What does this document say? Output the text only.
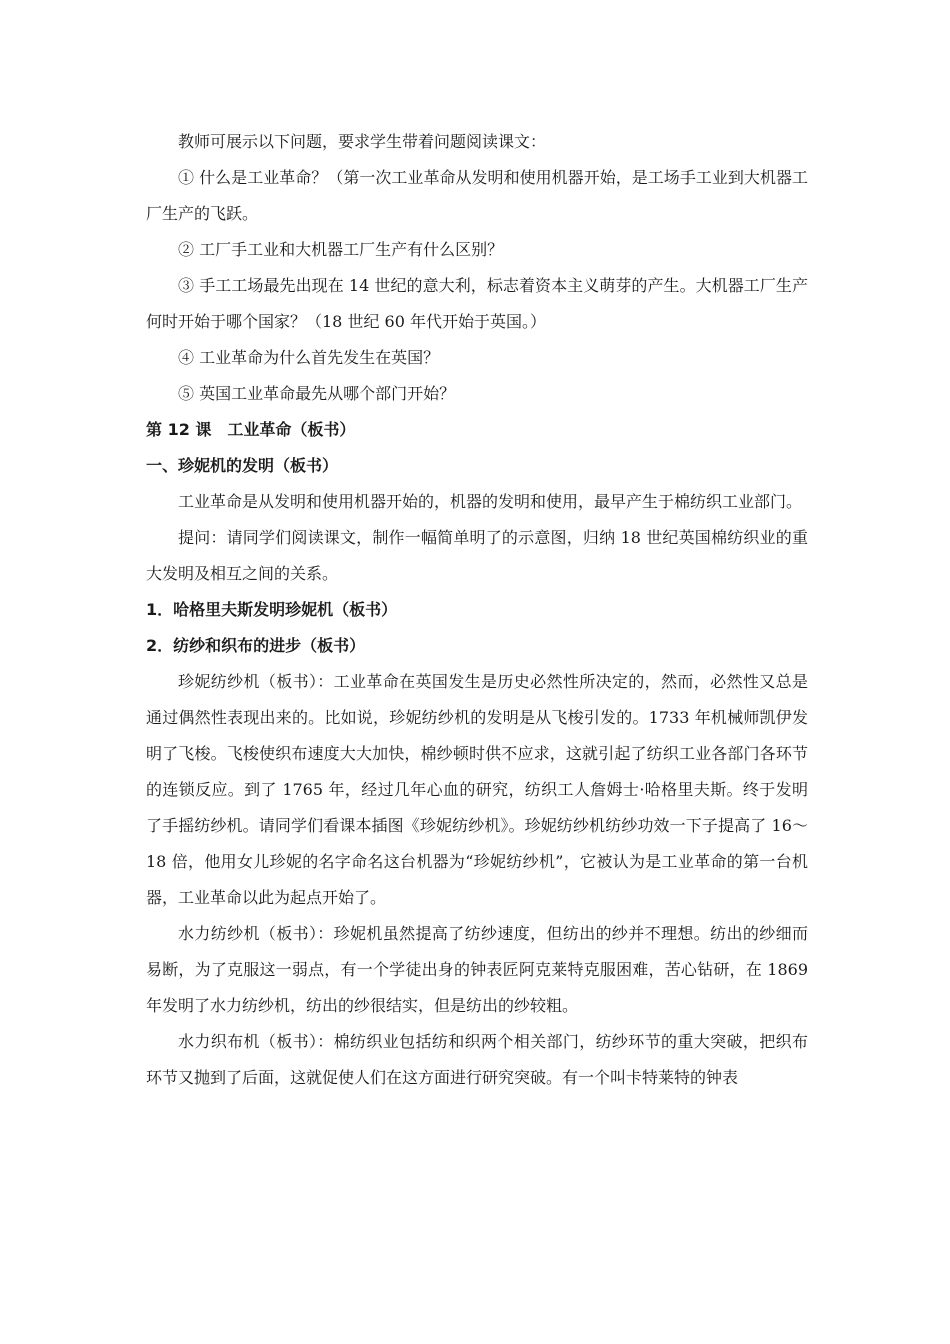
教师可展示以下问题，要求学生带着问题阅读课文：

① 什么是工业革命？（第一次工业革命从发明和使用机器开始，是工场手工业到大机器工厂生产的飞跃。

② 工厂手工业和大机器工厂生产有什么区别？

③ 手工工场最先出现在 14 世纪的意大利，标志着资本主义萌芽的产生。大机器工厂生产何时开始于哪个国家？（18 世纪 60 年代开始于英国。）

④ 工业革命为什么首先发生在英国？

⑤ 英国工业革命最先从哪个部门开始？

第 12 课　工业革命（板书）

一、珍妮机的发明（板书）

工业革命是从发明和使用机器开始的，机器的发明和使用，最早产生于棉纺织工业部门。

提问：请同学们阅读课文，制作一幅简单明了的示意图，归纳 18 世纪英国棉纺织业的重大发明及相互之间的关系。

1．哈格里夫斯发明珍妮机（板书）

2．纺纱和织布的进步（板书）

珍妮纺纱机（板书）：工业革命在英国发生是历史必然性所决定的，然而，必然性又总是通过偶然性表现出来的。比如说，珍妮纺纱机的发明是从飞梭引发的。1733 年机械师凯伊发明了飞梭。飞梭使织布速度大大加快，棉纱顿时供不应求，这就引起了纺织工业各部门各环节的连锁反应。到了 1765 年，经过几年心血的研究，纺织工人詹姆士·哈格里夫斯。终于发明了手摇纺纱机。请同学们看课本插图《珍妮纺纱机》。珍妮纺纱机纺纱功效一下子提高了 16～18 倍，他用女儿珍妮的名字命名这台机器为“珍妮纺纱机”，它被认为是工业革命的第一台机器，工业革命以此为起点开始了。

水力纺纱机（板书）：珍妮机虽然提高了纺纱速度，但纺出的纱并不理想。纺出的纱细而易断，为了克服这一弱点，有一个学徒出身的钟表匠阿克莱特克服困难，苦心钻研，在 1869 年发明了水力纺纱机，纺出的纱很结实，但是纺出的纱较粗。

水力织布机（板书）：棉纺织业包括纺和织两个相关部门，纺纱环节的重大突破，把织布环节又抛到了后面，这就促使人们在这方面进行研究突破。有一个叫卡特莱特的钟表
